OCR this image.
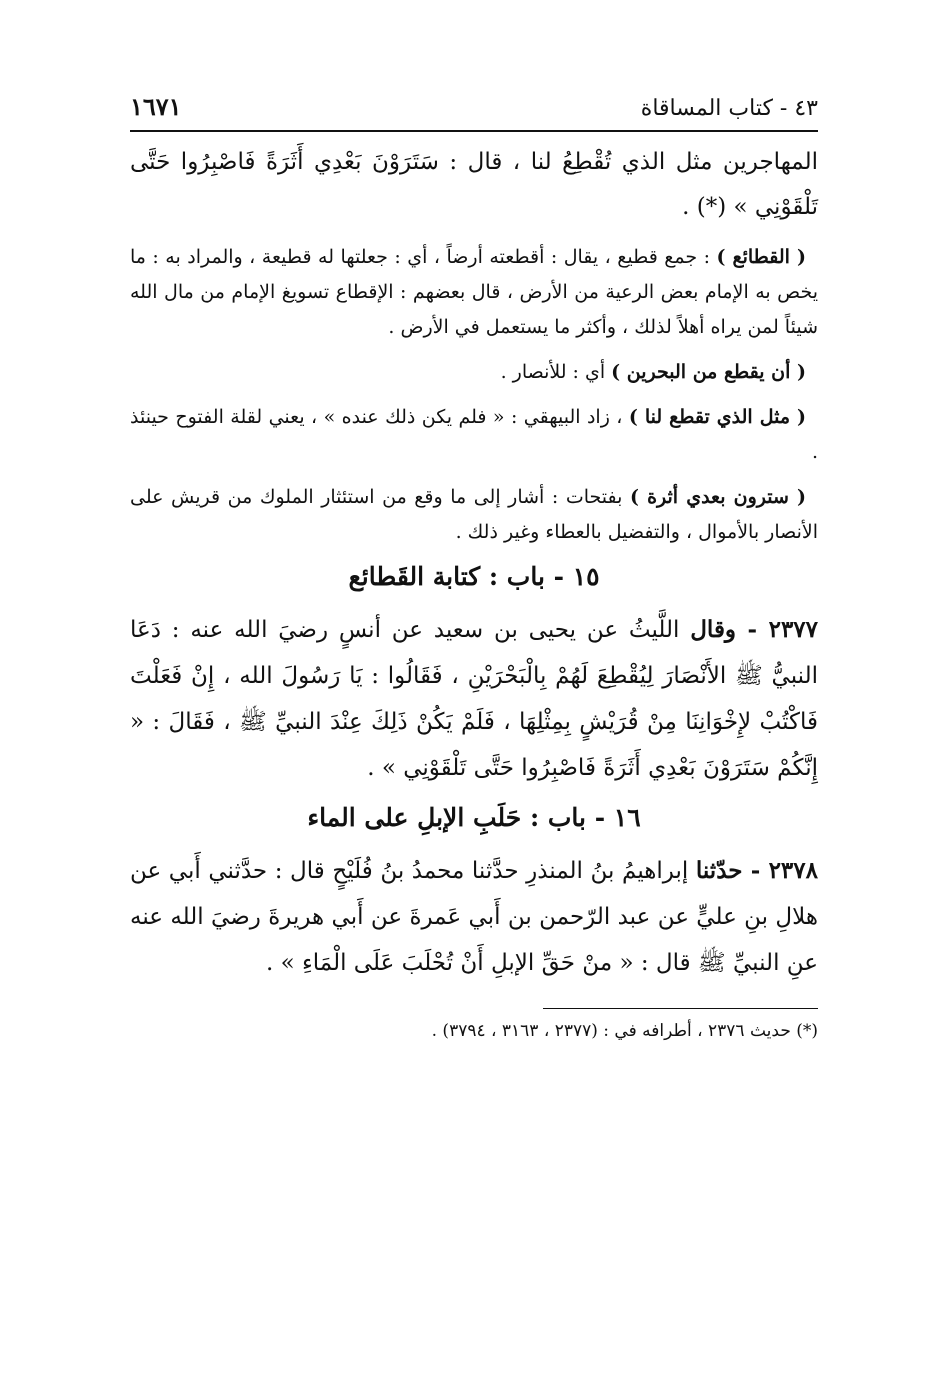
٤٣ - كتاب المساقاة
١٦٧١

المهاجرين مثل الذي تُقْطِعُ لنا ، قال : سَتَرَوْنَ بَعْدِي أَثَرَةً فَاصْبِرُوا حَتَّى تَلْقَوْنِي » (*) .

( القطائع ) : جمع قطيع ، يقال : أقطعته أرضاً ، أي : جعلتها له قطيعة ، والمراد به : ما يخص به الإمام بعض الرعية من الأرض ، قال بعضهم : الإقطاع تسويغ الإمام من مال الله شيئاً لمن يراه أهلاً لذلك ، وأكثر ما يستعمل في الأرض .

( أن يقطع من البحرين ) أي : للأنصار .

( مثل الذي تقطع لنا ) ، زاد البيهقي : « فلم يكن ذلك عنده » ، يعني لقلة الفتوح حينئذ .

( سترون بعدي أثرة ) بفتحات : أشار إلى ما وقع من استئثار الملوك من قريش على الأنصار بالأموال ، والتفضيل بالعطاء وغير ذلك .

١٥ - باب : كتابة القَطائع

٢٣٧٧ - وقال اللَّيثُ عن يحيى بن سعيد عن أنسٍ رضيَ الله عنه : دَعَا النبيُّ ﷺ الأَنْصَارَ لِيُقْطِعَ لَهُمْ بِالْبَحْرَيْنِ ، فَقَالُوا : يَا رَسُولَ الله ، إِنْ فَعَلْتَ فَاكْتُبْ لإِخْوَانِنَا مِنْ قُرَيْشٍ بِمِثْلِهَا ، فَلَمْ يَكُنْ ذَلِكَ عِنْدَ النبيِّ ﷺ ، فَقَالَ : « إِنَّكُمْ سَتَرَوْنَ بَعْدِي أَثَرَةً فَاصْبِرُوا حَتَّى تَلْقَوْنِي » .

١٦ - باب : حَلَبِ الإبلِ على الماء

٢٣٧٨ - حدّثنا إبراهيمُ بنُ المنذرِ حدَّثنا محمدُ بنُ فُلَيْحٍ قال : حدَّثني أَبي عن هلالِ بنِ عليٍّ عن عبد الرّحمن بن أَبي عَمرةَ عن أَبي هريرةَ رضيَ الله عنه عنِ النبيِّ ﷺ قال : « منْ حَقِّ الإبلِ أَنْ تُحْلَبَ عَلَى الْمَاءِ » .

(*) حديث ٢٣٧٦ ، أطرافه في : (٢٣٧٧ ، ٣١٦٣ ، ٣٧٩٤) .
